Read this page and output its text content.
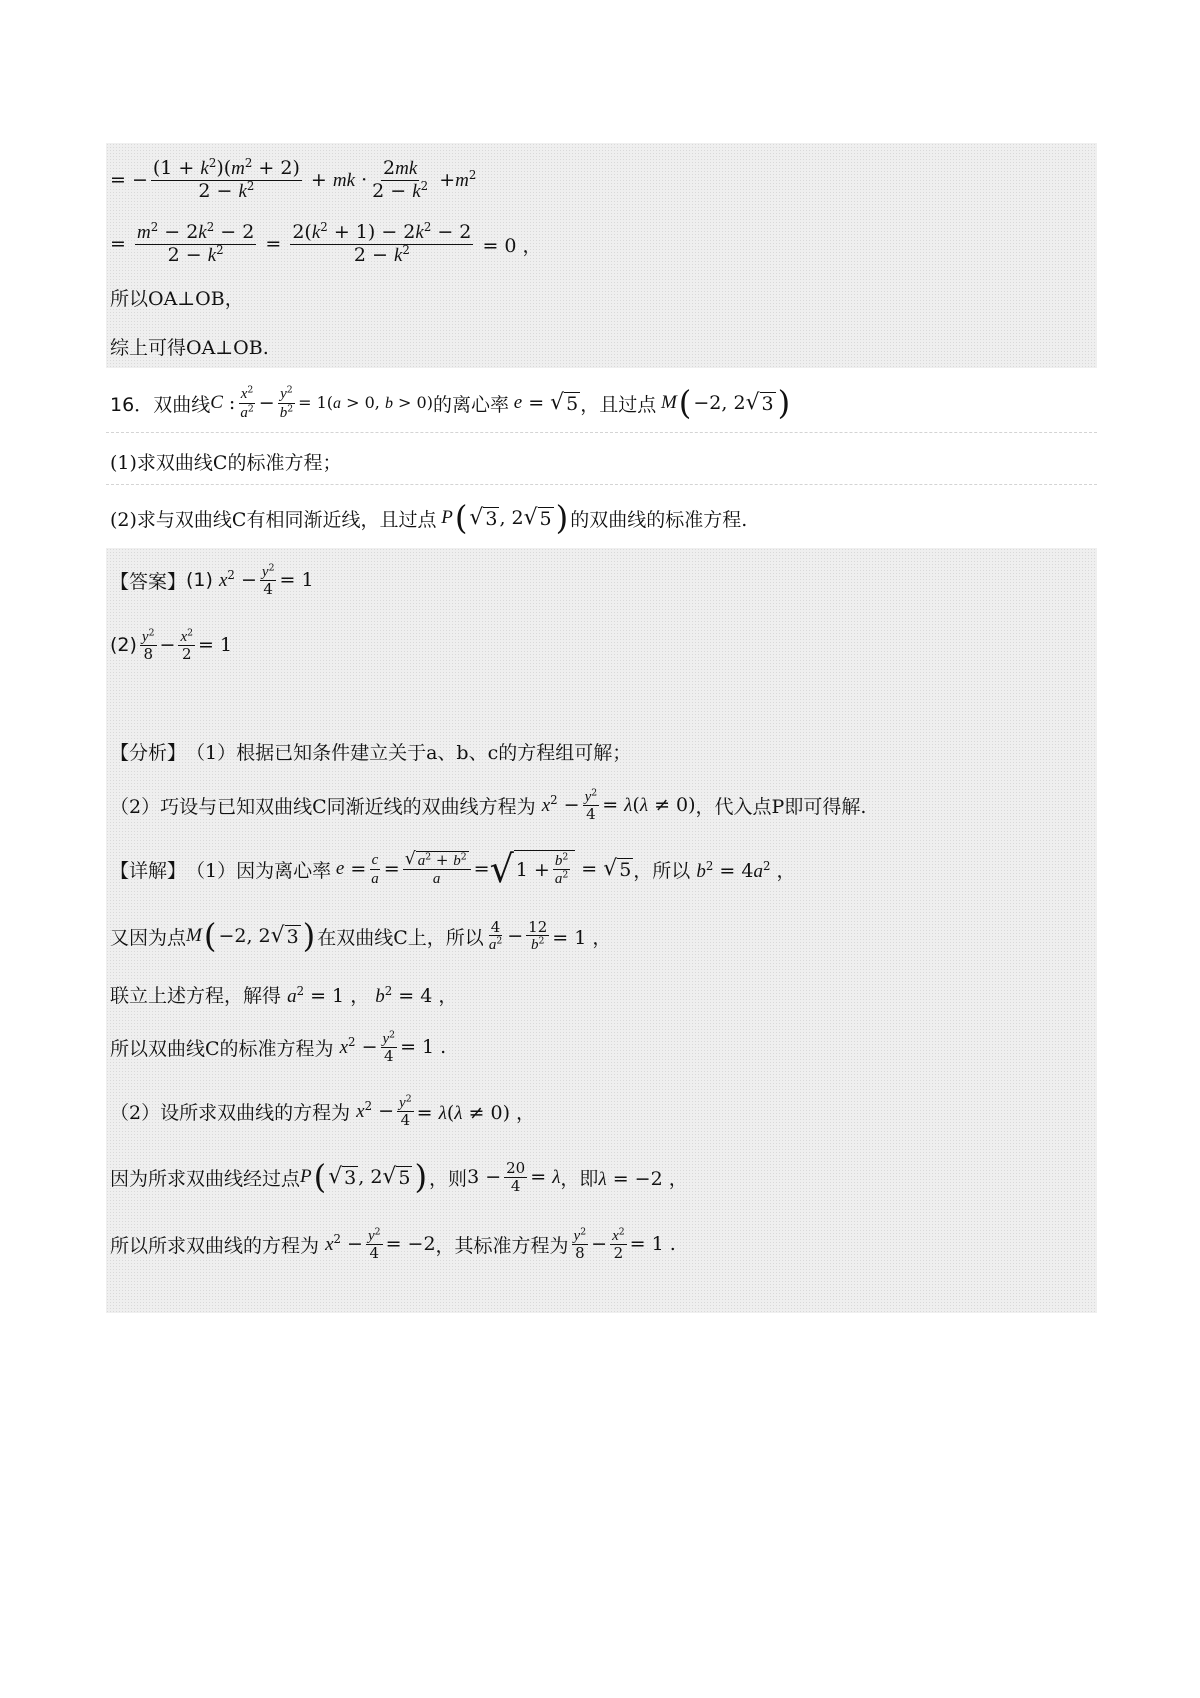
= − $\frac{(1 + k^2)(m^2 + 2)}{2 - k^2}$ + mk · $\frac{2mk}{2 - k^2} +m^2$
= $\frac{m^2 - 2k^2 - 2}{2 - k^2} = \frac{2(k^2 + 1) - 2k^2 - 2}{2 - k^2} = 0$ ，
所以OA⊥OB，
综上可得OA⊥OB.
16． 双曲线 C : $\frac{x^2}{a^2} - \frac{y^2}{b^2} = 1(a > 0$, b > 0) 的离心率 e = √ 5 ，且过点 M ( −2, 2 √ 3 )
(1)求双曲线C的标准方程；
(2)求与双曲线C有相同渐近线，且过点 P ( √ 3 , 2 √ 5 ) 的双曲线的标准方程.
【答案】 (1) $x^2 - \frac{y^2}{4} = 1$
$(2) \frac{y^2}{8} - \frac{x^2}{2} = 1$
【分析】 （1）根据已知条件建立关于a、b、c的方程组可解；
（2）巧设与已知双曲线C同渐近线的双曲线方程为 $x^2 - \frac{y^2}{4} = \lambda(\lambda \ne 0)$ ，代入点P即可得解.
【详解】 （1）因为离心率 $e = \frac{c}{a} = \frac{√ a^2 + b^2}{a}$ = √ $1 + \frac{b^2}{a^2}$ = √ 5 ，所以 $b^2 = 4a^2$ ，
又因为点 M ( −2, 2 √ 3 ) 在双曲线C上，所以 $\frac{4}{a^2} - \frac{12}{b^2} = 1$ ，
联立上述方程，解得 $a^2 = 1$ ， $b^2 = 4$ ，
所以双曲线C的标准方程为 $x^2 - \frac{y^2}{4} = 1$ .
（2）设所求双曲线的方程为 $x^2 - \frac{y^2}{4} = \lambda(\lambda \ne 0)$ ，
因为所求双曲线经过点 P ( √ 3 , 2 √ 5 ) ，则 $3 - \frac{20}{4} = \lambda$ ，即 λ = −2 ，
所以所求双曲线的方程为 $x^2 - \frac{y^2}{4} = -2$ ，其标准方程为 $\frac{y^2}{8} - \frac{x^2}{2} = 1$ .
